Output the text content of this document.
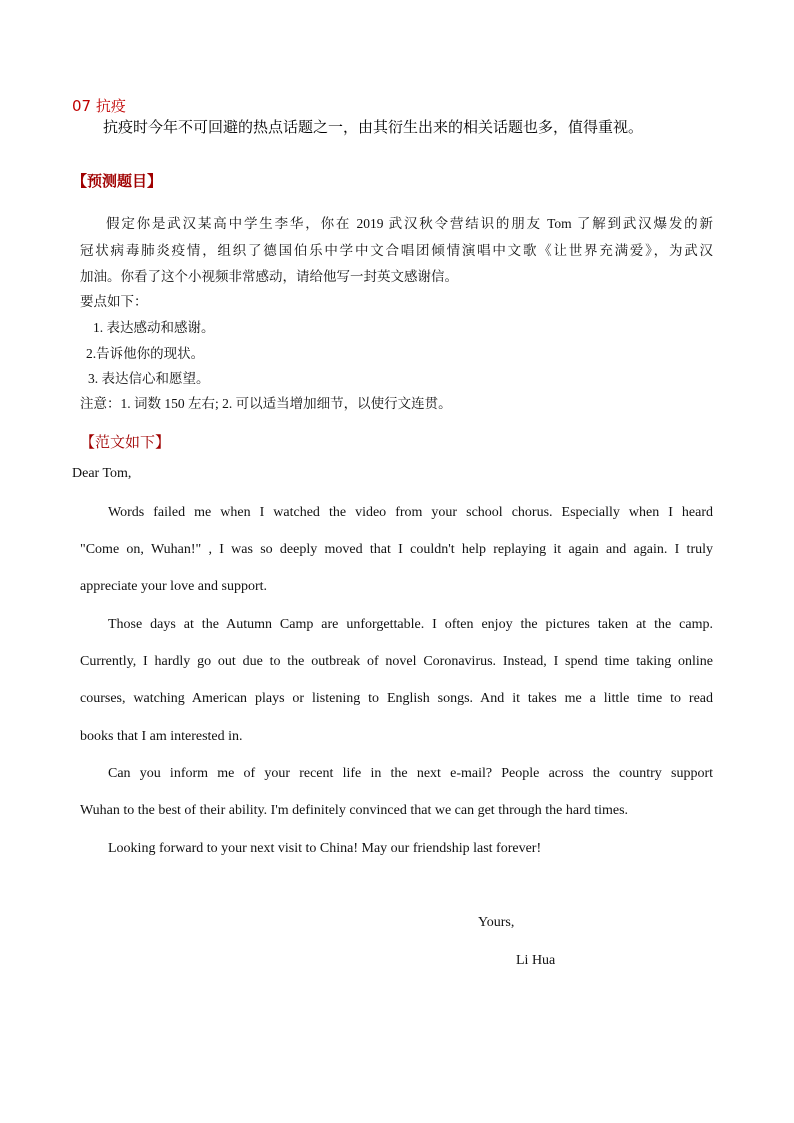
07 抗疫
抗疫时今年不可回避的热点话题之一，由其衍生出来的相关话题也多，值得重视。
【预测题目】
假定你是武汉某高中学生李华，你在 2019 武汉秋令营结识的朋友 Tom 了解到武汉爆发的新
冠状病毒肺炎疫情，组织了德国伯乐中学中文合唱团倾情演唱中文歌《让世界充满爱》，为武汉
加油。你看了这个小视频非常感动，请给他写一封英文感谢信。
要点如下：
1. 表达感动和感谢。
2.告诉他你的现状。
3. 表达信心和愿望。
注意：1. 词数 150 左右; 2. 可以适当增加细节，以使行文连贯。
【范文如下】
Dear Tom,
Words failed me when I watched the video from your school chorus. Especially when I heard
"Come on, Wuhan!" , I was so deeply moved that I couldn't help replaying it again and again. I truly
appreciate your love and support.
Those days at the Autumn Camp are unforgettable. I often enjoy the pictures taken at the camp.
Currently, I hardly go out due to the outbreak of novel Coronavirus. Instead, I spend time taking online
courses, watching American plays or listening to English songs. And it takes me a little time to read
books that I am interested in.
Can you inform me of your recent life in the next e-mail? People across the country support
Wuhan to the best of their ability. I'm definitely convinced that we can get through the hard times.
Looking forward to your next visit to China! May our friendship last forever!
Yours,
Li Hua
